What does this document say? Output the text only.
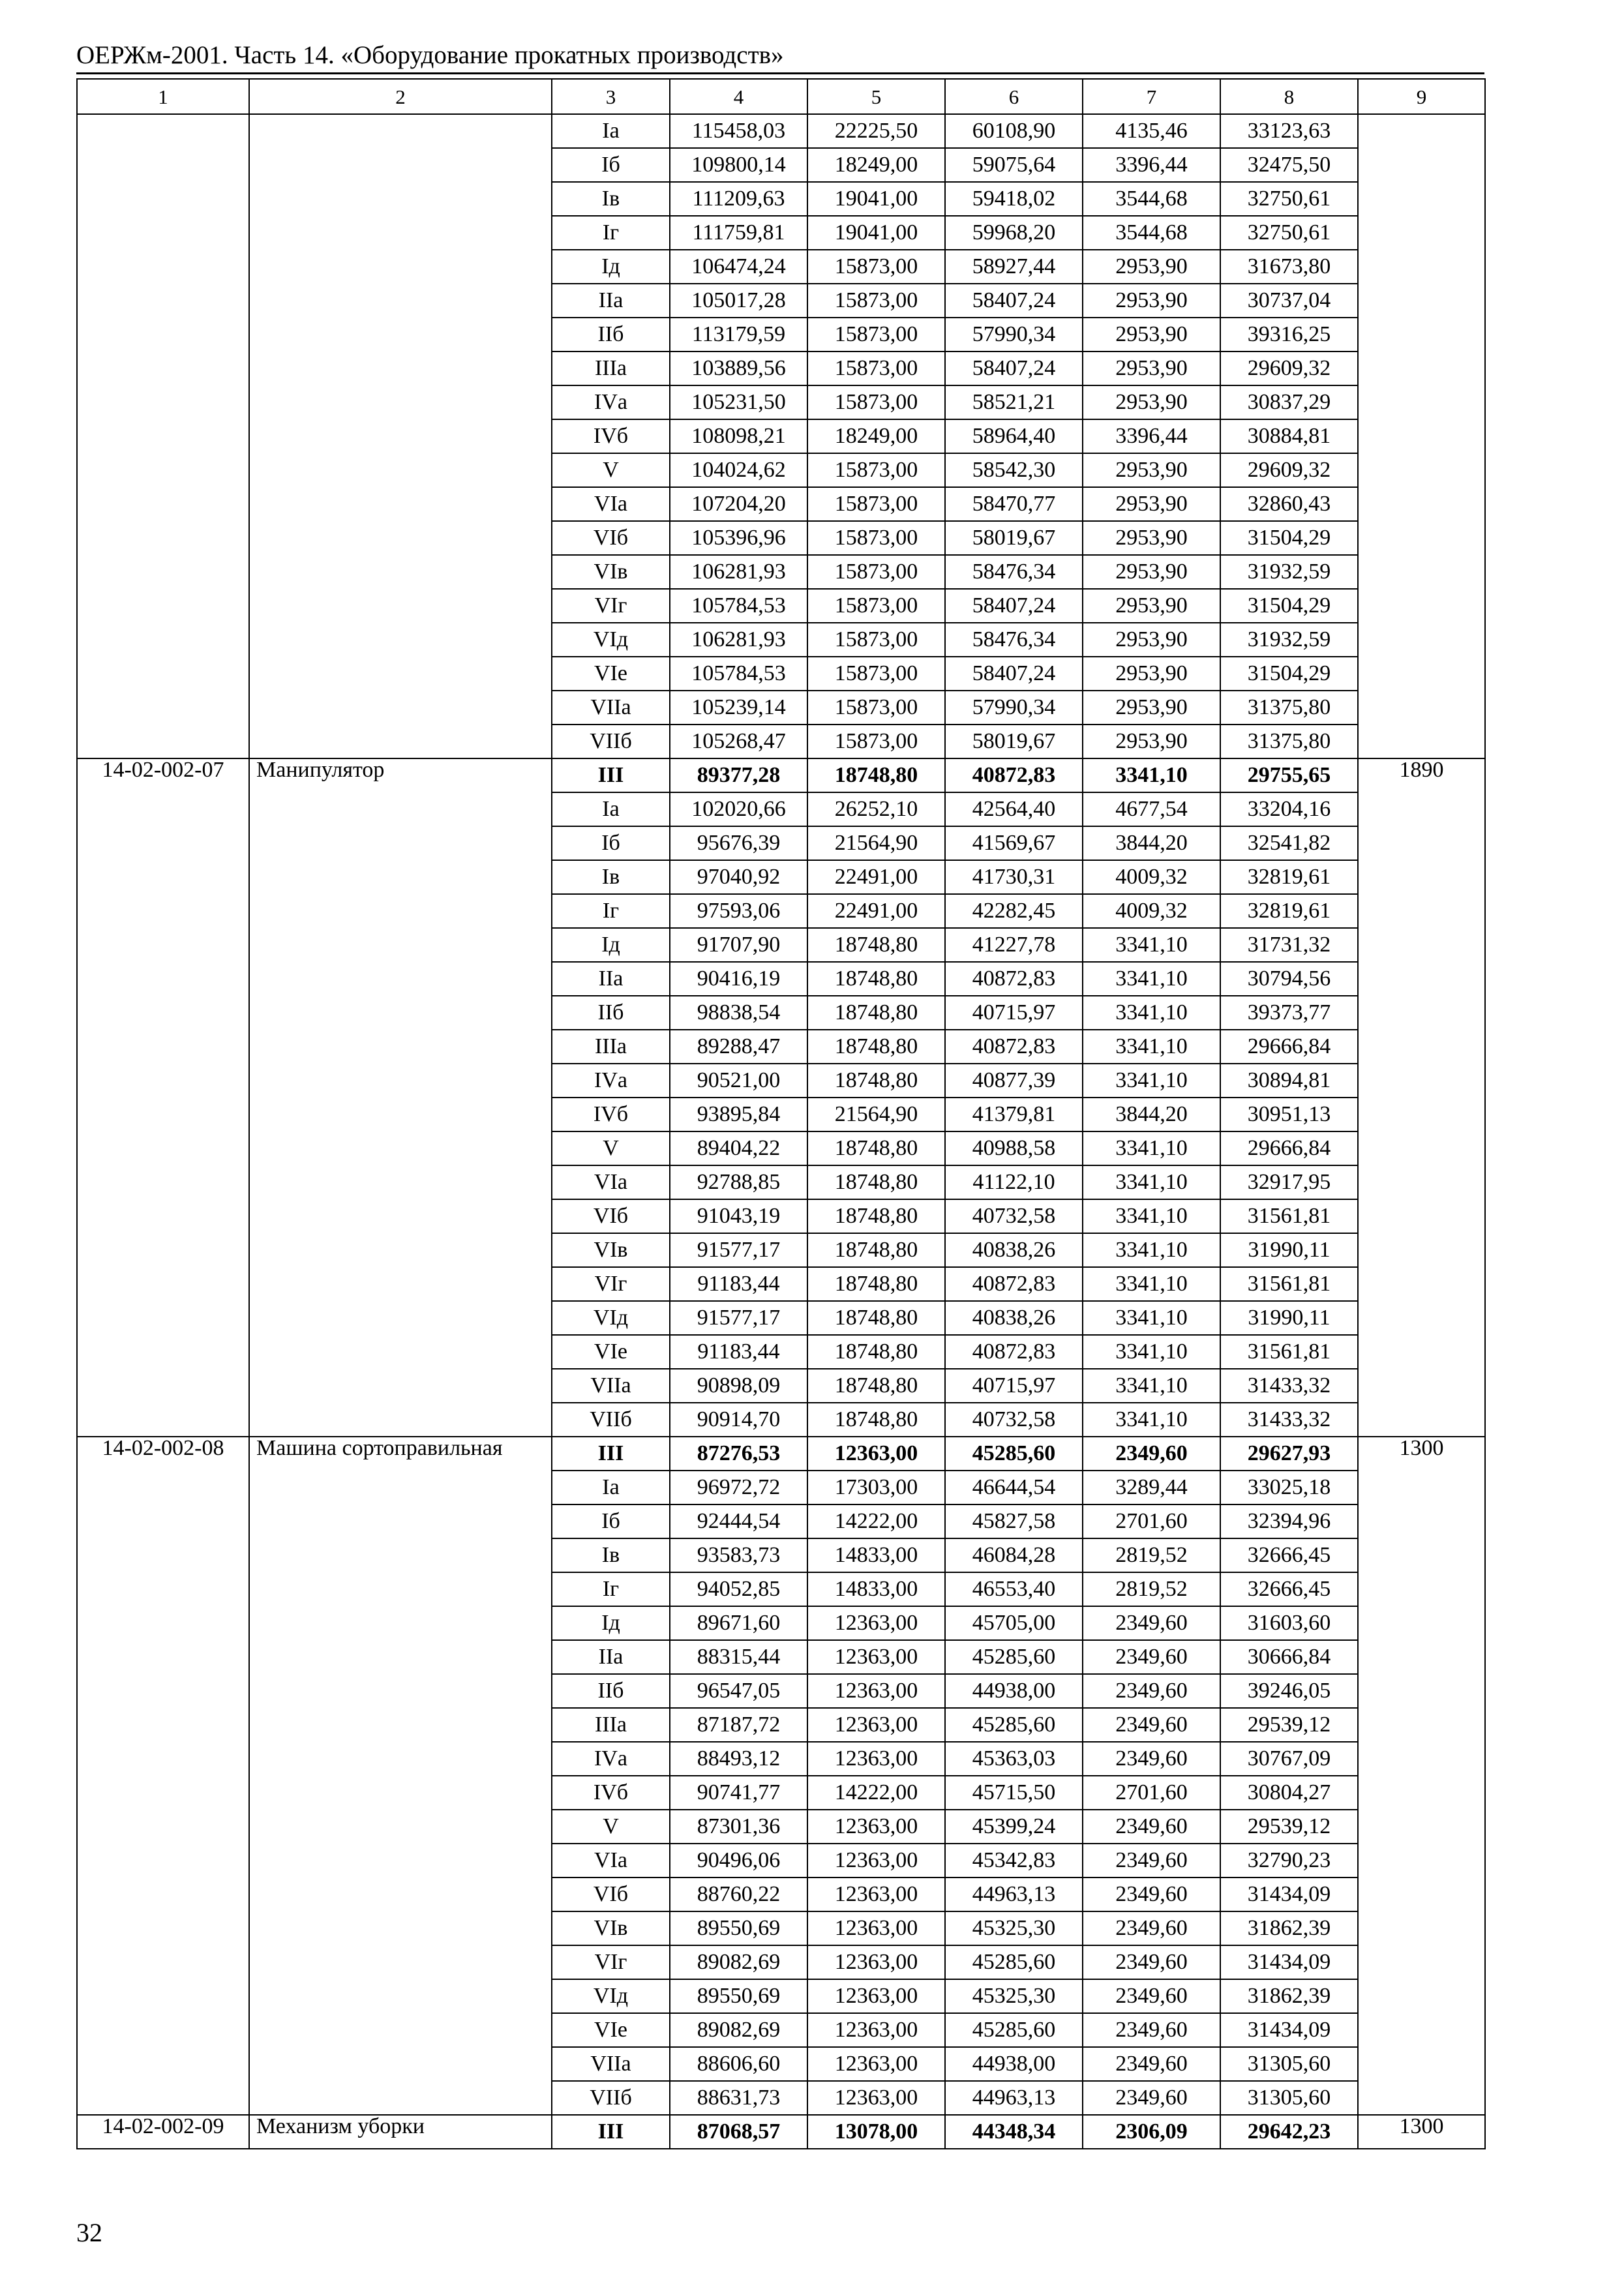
ОЕРЖм-2001. Часть 14. «Оборудование прокатных производств»
1	2	3	4	5	6	7	8	9
		Iа	115458,03	22225,50	60108,90	4135,46	33123,63	
		Iб	109800,14	18249,00	59075,64	3396,44	32475,50	
		Iв	111209,63	19041,00	59418,02	3544,68	32750,61	
		Iг	111759,81	19041,00	59968,20	3544,68	32750,61	
		Iд	106474,24	15873,00	58927,44	2953,90	31673,80	
		IIа	105017,28	15873,00	58407,24	2953,90	30737,04	
		IIб	113179,59	15873,00	57990,34	2953,90	39316,25	
		IIIа	103889,56	15873,00	58407,24	2953,90	29609,32	
		IVа	105231,50	15873,00	58521,21	2953,90	30837,29	
		IVб	108098,21	18249,00	58964,40	3396,44	30884,81	
		V	104024,62	15873,00	58542,30	2953,90	29609,32	
		VIа	107204,20	15873,00	58470,77	2953,90	32860,43	
		VIб	105396,96	15873,00	58019,67	2953,90	31504,29	
		VIв	106281,93	15873,00	58476,34	2953,90	31932,59	
		VIг	105784,53	15873,00	58407,24	2953,90	31504,29	
		VIд	106281,93	15873,00	58476,34	2953,90	31932,59	
		VIе	105784,53	15873,00	58407,24	2953,90	31504,29	
		VIIа	105239,14	15873,00	57990,34	2953,90	31375,80	
		VIIб	105268,47	15873,00	58019,67	2953,90	31375,80	
14-02-002-07	Манипулятор	III	89377,28	18748,80	40872,83	3341,10	29755,65	1890
		Iа	102020,66	26252,10	42564,40	4677,54	33204,16	
		Iб	95676,39	21564,90	41569,67	3844,20	32541,82	
		Iв	97040,92	22491,00	41730,31	4009,32	32819,61	
		Iг	97593,06	22491,00	42282,45	4009,32	32819,61	
		Iд	91707,90	18748,80	41227,78	3341,10	31731,32	
		IIа	90416,19	18748,80	40872,83	3341,10	30794,56	
		IIб	98838,54	18748,80	40715,97	3341,10	39373,77	
		IIIа	89288,47	18748,80	40872,83	3341,10	29666,84	
		IVа	90521,00	18748,80	40877,39	3341,10	30894,81	
		IVб	93895,84	21564,90	41379,81	3844,20	30951,13	
		V	89404,22	18748,80	40988,58	3341,10	29666,84	
		VIа	92788,85	18748,80	41122,10	3341,10	32917,95	
		VIб	91043,19	18748,80	40732,58	3341,10	31561,81	
		VIв	91577,17	18748,80	40838,26	3341,10	31990,11	
		VIг	91183,44	18748,80	40872,83	3341,10	31561,81	
		VIд	91577,17	18748,80	40838,26	3341,10	31990,11	
		VIе	91183,44	18748,80	40872,83	3341,10	31561,81	
		VIIа	90898,09	18748,80	40715,97	3341,10	31433,32	
		VIIб	90914,70	18748,80	40732,58	3341,10	31433,32	
14-02-002-08	Машина сортоправильная	III	87276,53	12363,00	45285,60	2349,60	29627,93	1300
		Iа	96972,72	17303,00	46644,54	3289,44	33025,18	
		Iб	92444,54	14222,00	45827,58	2701,60	32394,96	
		Iв	93583,73	14833,00	46084,28	2819,52	32666,45	
		Iг	94052,85	14833,00	46553,40	2819,52	32666,45	
		Iд	89671,60	12363,00	45705,00	2349,60	31603,60	
		IIа	88315,44	12363,00	45285,60	2349,60	30666,84	
		IIб	96547,05	12363,00	44938,00	2349,60	39246,05	
		IIIа	87187,72	12363,00	45285,60	2349,60	29539,12	
		IVа	88493,12	12363,00	45363,03	2349,60	30767,09	
		IVб	90741,77	14222,00	45715,50	2701,60	30804,27	
		V	87301,36	12363,00	45399,24	2349,60	29539,12	
		VIа	90496,06	12363,00	45342,83	2349,60	32790,23	
		VIб	88760,22	12363,00	44963,13	2349,60	31434,09	
		VIв	89550,69	12363,00	45325,30	2349,60	31862,39	
		VIг	89082,69	12363,00	45285,60	2349,60	31434,09	
		VIд	89550,69	12363,00	45325,30	2349,60	31862,39	
		VIе	89082,69	12363,00	45285,60	2349,60	31434,09	
		VIIа	88606,60	12363,00	44938,00	2349,60	31305,60	
		VIIб	88631,73	12363,00	44963,13	2349,60	31305,60	
14-02-002-09	Механизм уборки	III	87068,57	13078,00	44348,34	2306,09	29642,23	1300
32
